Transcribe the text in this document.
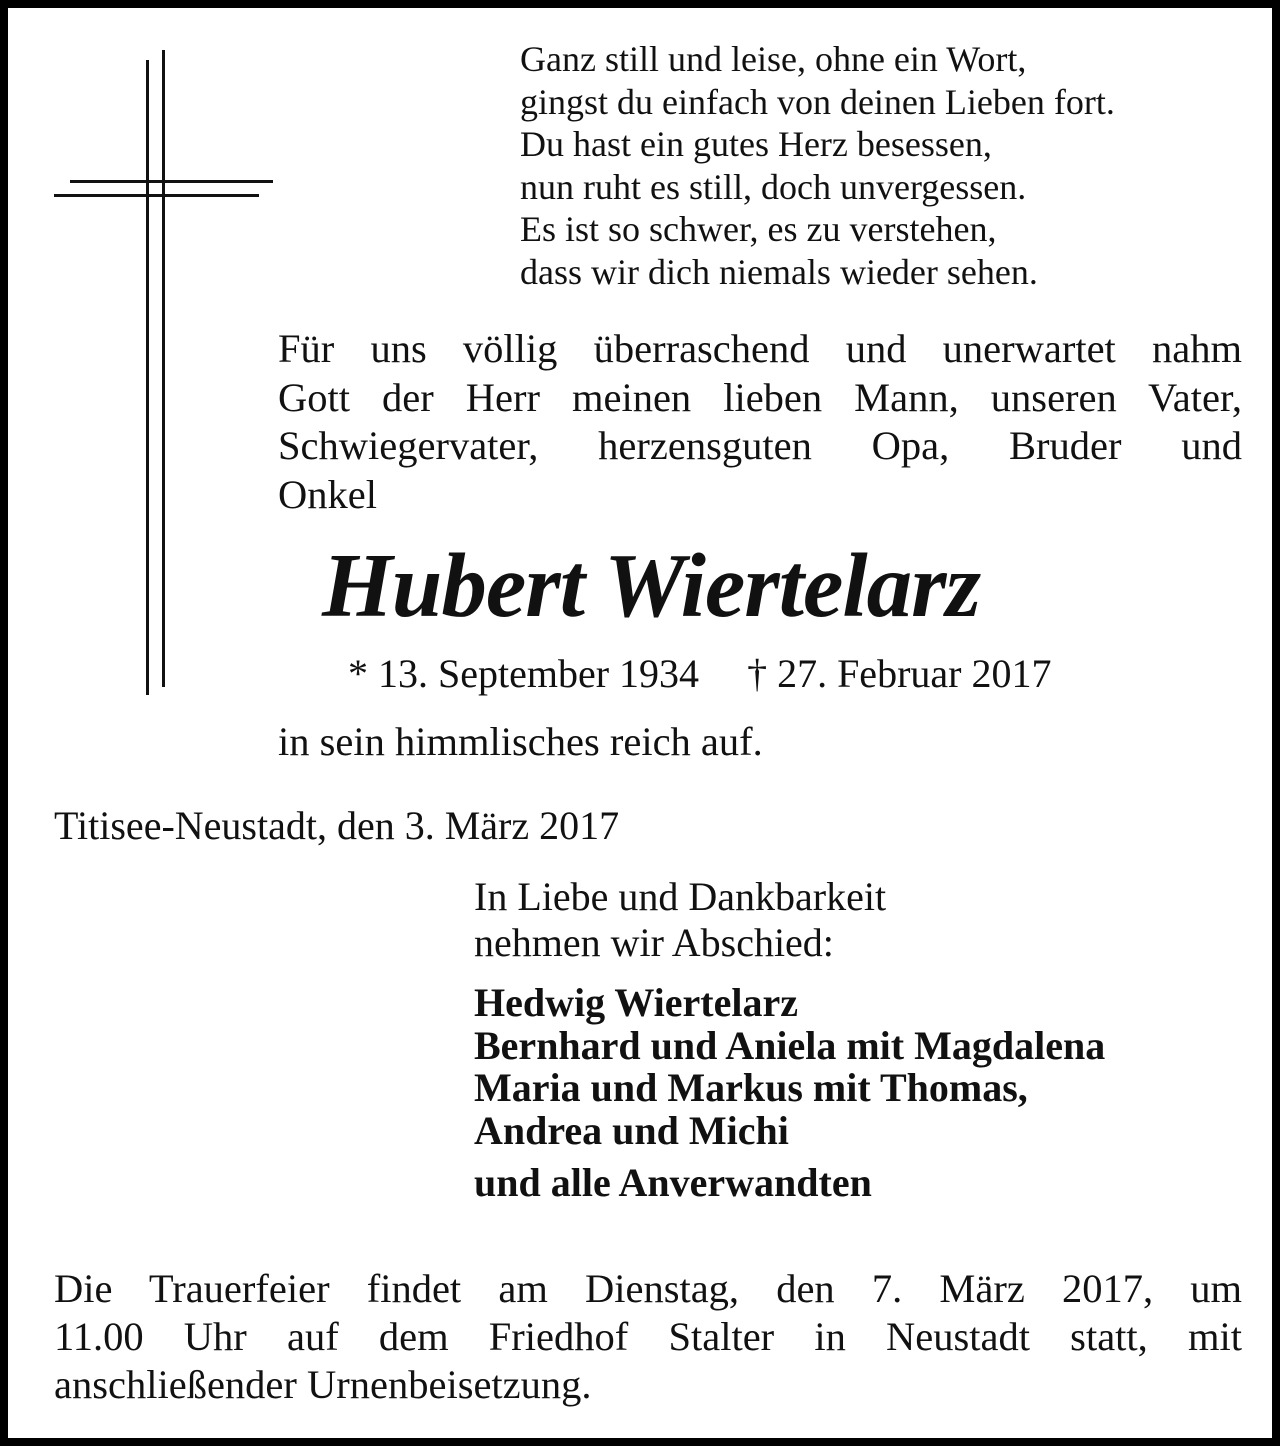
Ganz still und leise, ohne ein Wort,
gingst du einfach von deinen Lieben fort.
Du hast ein gutes Herz besessen,
nun ruht es still, doch unvergessen.
Es ist so schwer, es zu verstehen,
dass wir dich niemals wieder sehen.
Für uns völlig überraschend und unerwartet nahm
Gott der Herr meinen lieben Mann, unseren Vater,
Schwiegervater, herzensguten Opa, Bruder und
Onkel
Hubert Wiertelarz
* 13. September 1934 † 27. Februar 2017
in sein himmlisches reich auf.
Titisee-Neustadt, den 3. März 2017
In Liebe und Dankbarkeit
nehmen wir Abschied:
Hedwig Wiertelarz
Bernhard und Aniela mit Magdalena
Maria und Markus mit Thomas,
Andrea und Michi
und alle Anverwandten
Die Trauerfeier findet am Dienstag, den 7. März 2017, um
11.00 Uhr auf dem Friedhof Stalter in Neustadt statt, mit
anschließender Urnenbeisetzung.
